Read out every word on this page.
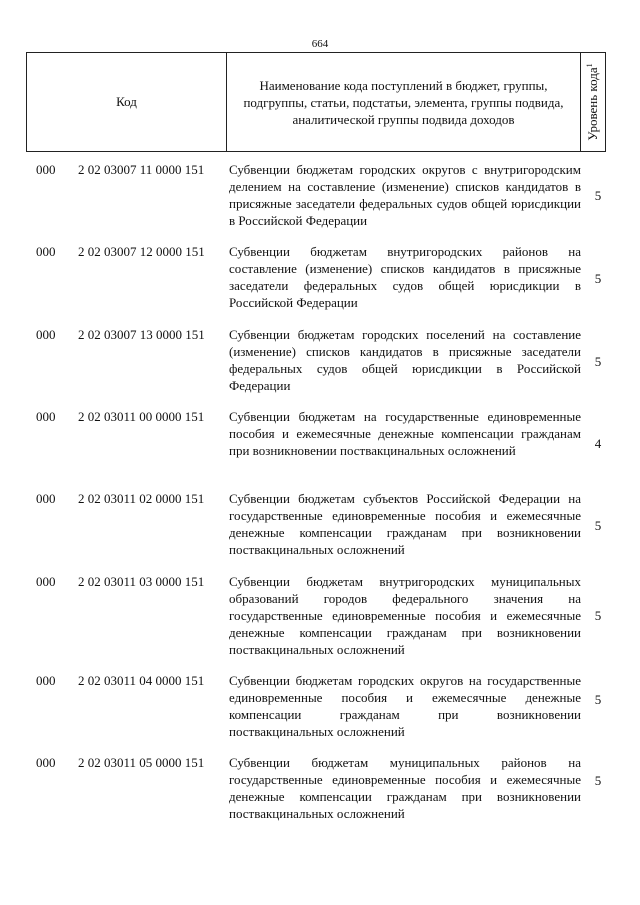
664
Код
Наименование кода поступлений в бюджет, группы, подгруппы, статьи, подстатьи, элемента, группы подвида, аналитической группы подвида доходов	Уровень кода$^1$
000 2 02 03007 11 0000 151 Субвенции бюджетам городских округов с внутригородским делением на составление (изменение) списков кандидатов в присяжные заседатели федеральных судов общей юрисдикции в Российской Федерации
5
000 2 02 03007 12 0000 151 Субвенции бюджетам внутригородских районов на составление (изменение) списков кандидатов в присяжные заседатели федеральных судов общей юрисдикции в Российской Федерации
5
000 2 02 03007 13 0000 151 Субвенции бюджетам городских поселений на составление (изменение) списков кандидатов в присяжные заседатели федеральных судов общей юрисдикции в Российской Федерации
5
000 2 02 03011 00 0000 151 Субвенции бюджетам на государственные единовременные пособия и ежемесячные денежные компенсации гражданам при возникновении поствакцинальных осложнений	4
000 2 02 03011 02 0000 151 Субвенции бюджетам субъектов Российской Федерации на государственные единовременные пособия и ежемесячные денежные компенсации гражданам при возникновении поствакцинальных осложнений
5
000 2 02 03011 03 0000 151 Субвенции бюджетам внутригородских муниципальных образований городов федерального значения на государственные единовременные пособия и ежемесячные денежные компенсации гражданам при возникновении поствакцинальных осложнений
5
000 2 02 03011 04 0000 151 Субвенции бюджетам городских округов на государственные единовременные пособия и ежемесячные денежные компенсации гражданам при возникновении поствакцинальных осложнений
5
000 2 02 03011 05 0000 151 Субвенции бюджетам муниципальных районов на государственные единовременные пособия и ежемесячные денежные компенсации гражданам при возникновении поствакцинальных осложнений
5
